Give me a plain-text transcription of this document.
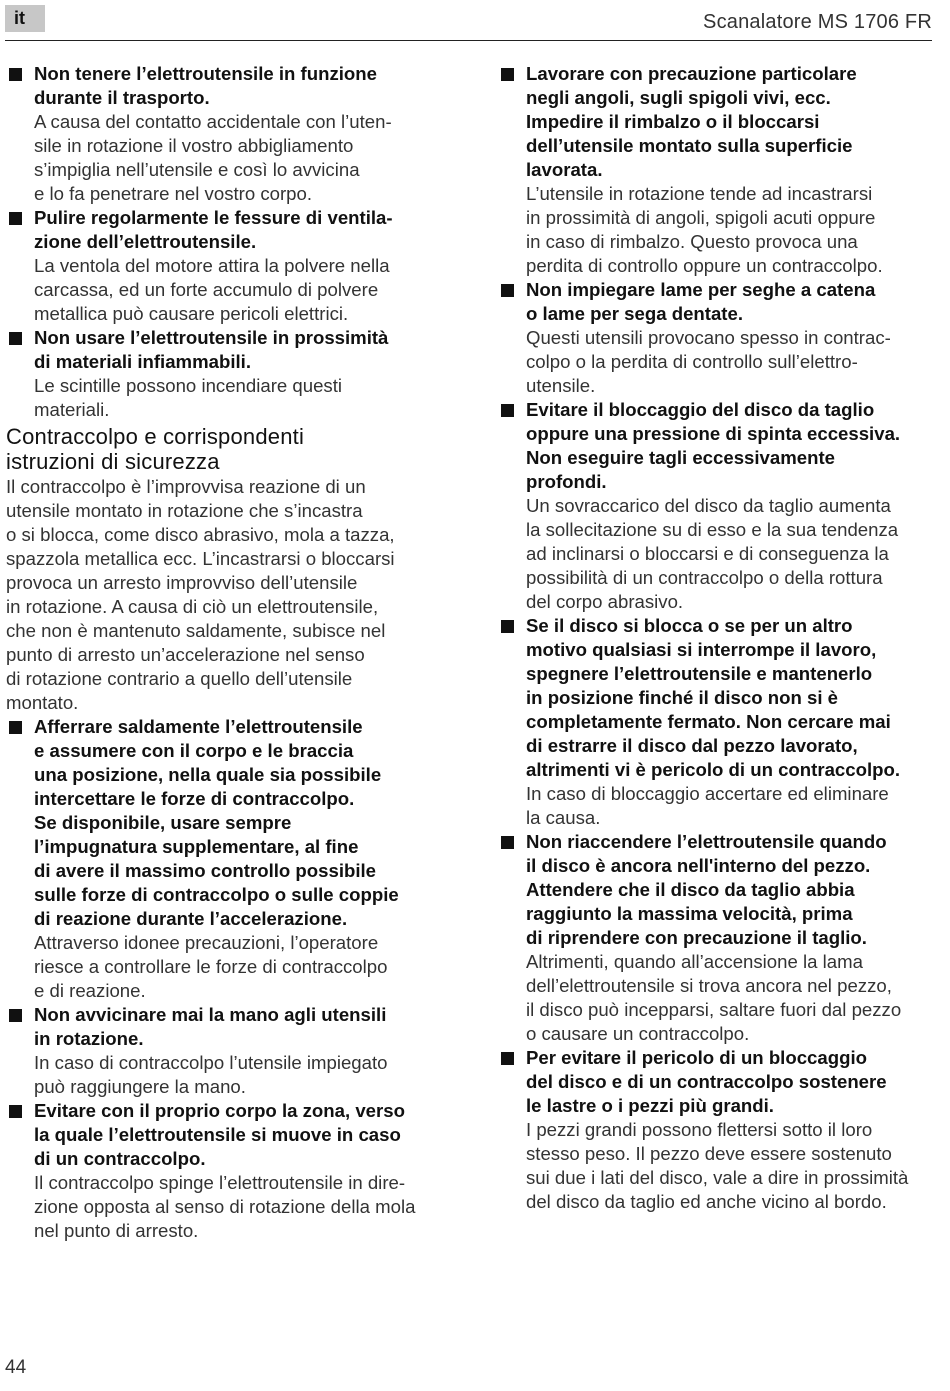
it	Scanalatore MS 1706 FR
Non tenere l’elettroutensile in funzione
durante il trasporto.
A causa del contatto accidentale con l’uten-
sile in rotazione il vostro abbigliamento
s’impiglia nell’utensile e così lo avvicina
e lo fa penetrare nel vostro corpo.
Pulire regolarmente le fessure di ventila-
zione dell’elettroutensile.
La ventola del motore attira la polvere nella
carcassa, ed un forte accumulo di polvere
metallica può causare pericoli elettrici.
Non usare l’elettroutensile in prossimità
di materiali infiammabili.
Le scintille possono incendiare questi
materiali.
Contraccolpo e corrispondenti
istruzioni di sicurezza
Il contraccolpo è l’improvvisa reazione di un
utensile montato in rotazione che s’incastra
o si blocca, come disco abrasivo, mola a tazza,
spazzola metallica ecc. L’incastrarsi o bloccarsi
provoca un arresto improvviso dell’utensile
in rotazione. A causa di ciò un elettroutensile,
che non è mantenuto saldamente, subisce nel
punto di arresto un’accelerazione nel senso
di rotazione contrario a quello dell’utensile
montato.
Afferrare saldamente l’elettroutensile
e assumere con il corpo e le braccia
una posizione, nella quale sia possibile
intercettare le forze di contraccolpo.
Se disponibile, usare sempre
l’impugnatura supplementare, al fine
di avere il massimo controllo possibile
sulle forze di contraccolpo o sulle coppie
di reazione durante l’accelerazione.
Attraverso idonee precauzioni, l’operatore
riesce a controllare le forze di contraccolpo
e di reazione.
Non avvicinare mai la mano agli utensili
in rotazione.
In caso di contraccolpo l’utensile impiegato
può raggiungere la mano.
Evitare con il proprio corpo la zona, verso
la quale l’elettroutensile si muove in caso
di un contraccolpo.
Il contraccolpo spinge l’elettroutensile in dire-
zione opposta al senso di rotazione della mola
nel punto di arresto.
Lavorare con precauzione particolare
negli angoli, sugli spigoli vivi, ecc.
Impedire il rimbalzo o il bloccarsi
dell’utensile montato sulla superficie
lavorata.
L’utensile in rotazione tende ad incastrarsi
in prossimità di angoli, spigoli acuti oppure
in caso di rimbalzo. Questo provoca una
perdita di controllo oppure un contraccolpo.
Non impiegare lame per seghe a catena
o lame per sega dentate.
Questi utensili provocano spesso in contrac-
colpo o la perdita di controllo sull’elettro-
utensile.
Evitare il bloccaggio del disco da taglio
oppure una pressione di spinta eccessiva.
Non eseguire tagli eccessivamente
profondi.
Un sovraccarico del disco da taglio aumenta
la sollecitazione su di esso e la sua tendenza
ad inclinarsi o bloccarsi e di conseguenza la
possibilità di un contraccolpo o della rottura
del corpo abrasivo.
Se il disco si blocca o se per un altro
motivo qualsiasi si interrompe il lavoro,
spegnere l’elettroutensile e mantenerlo
in posizione finché il disco non si è
completamente fermato. Non cercare mai
di estrarre il disco dal pezzo lavorato,
altrimenti vi è pericolo di un contraccolpo.
In caso di bloccaggio accertare ed eliminare
la causa.
Non riaccendere l’elettroutensile quando
il disco è ancora nell'interno del pezzo.
Attendere che il disco da taglio abbia
raggiunto la massima velocità, prima
di riprendere con precauzione il taglio.
Altrimenti, quando all’accensione la lama
dell’elettroutensile si trova ancora nel pezzo,
il disco può incepparsi, saltare fuori dal pezzo
o causare un contraccolpo.
Per evitare il pericolo di un bloccaggio
del disco e di un contraccolpo sostenere
le lastre o i pezzi più grandi.
I pezzi grandi possono flettersi sotto il loro
stesso peso. Il pezzo deve essere sostenuto
sui due i lati del disco, vale a dire in prossimità
del disco da taglio ed anche vicino al bordo.
44
